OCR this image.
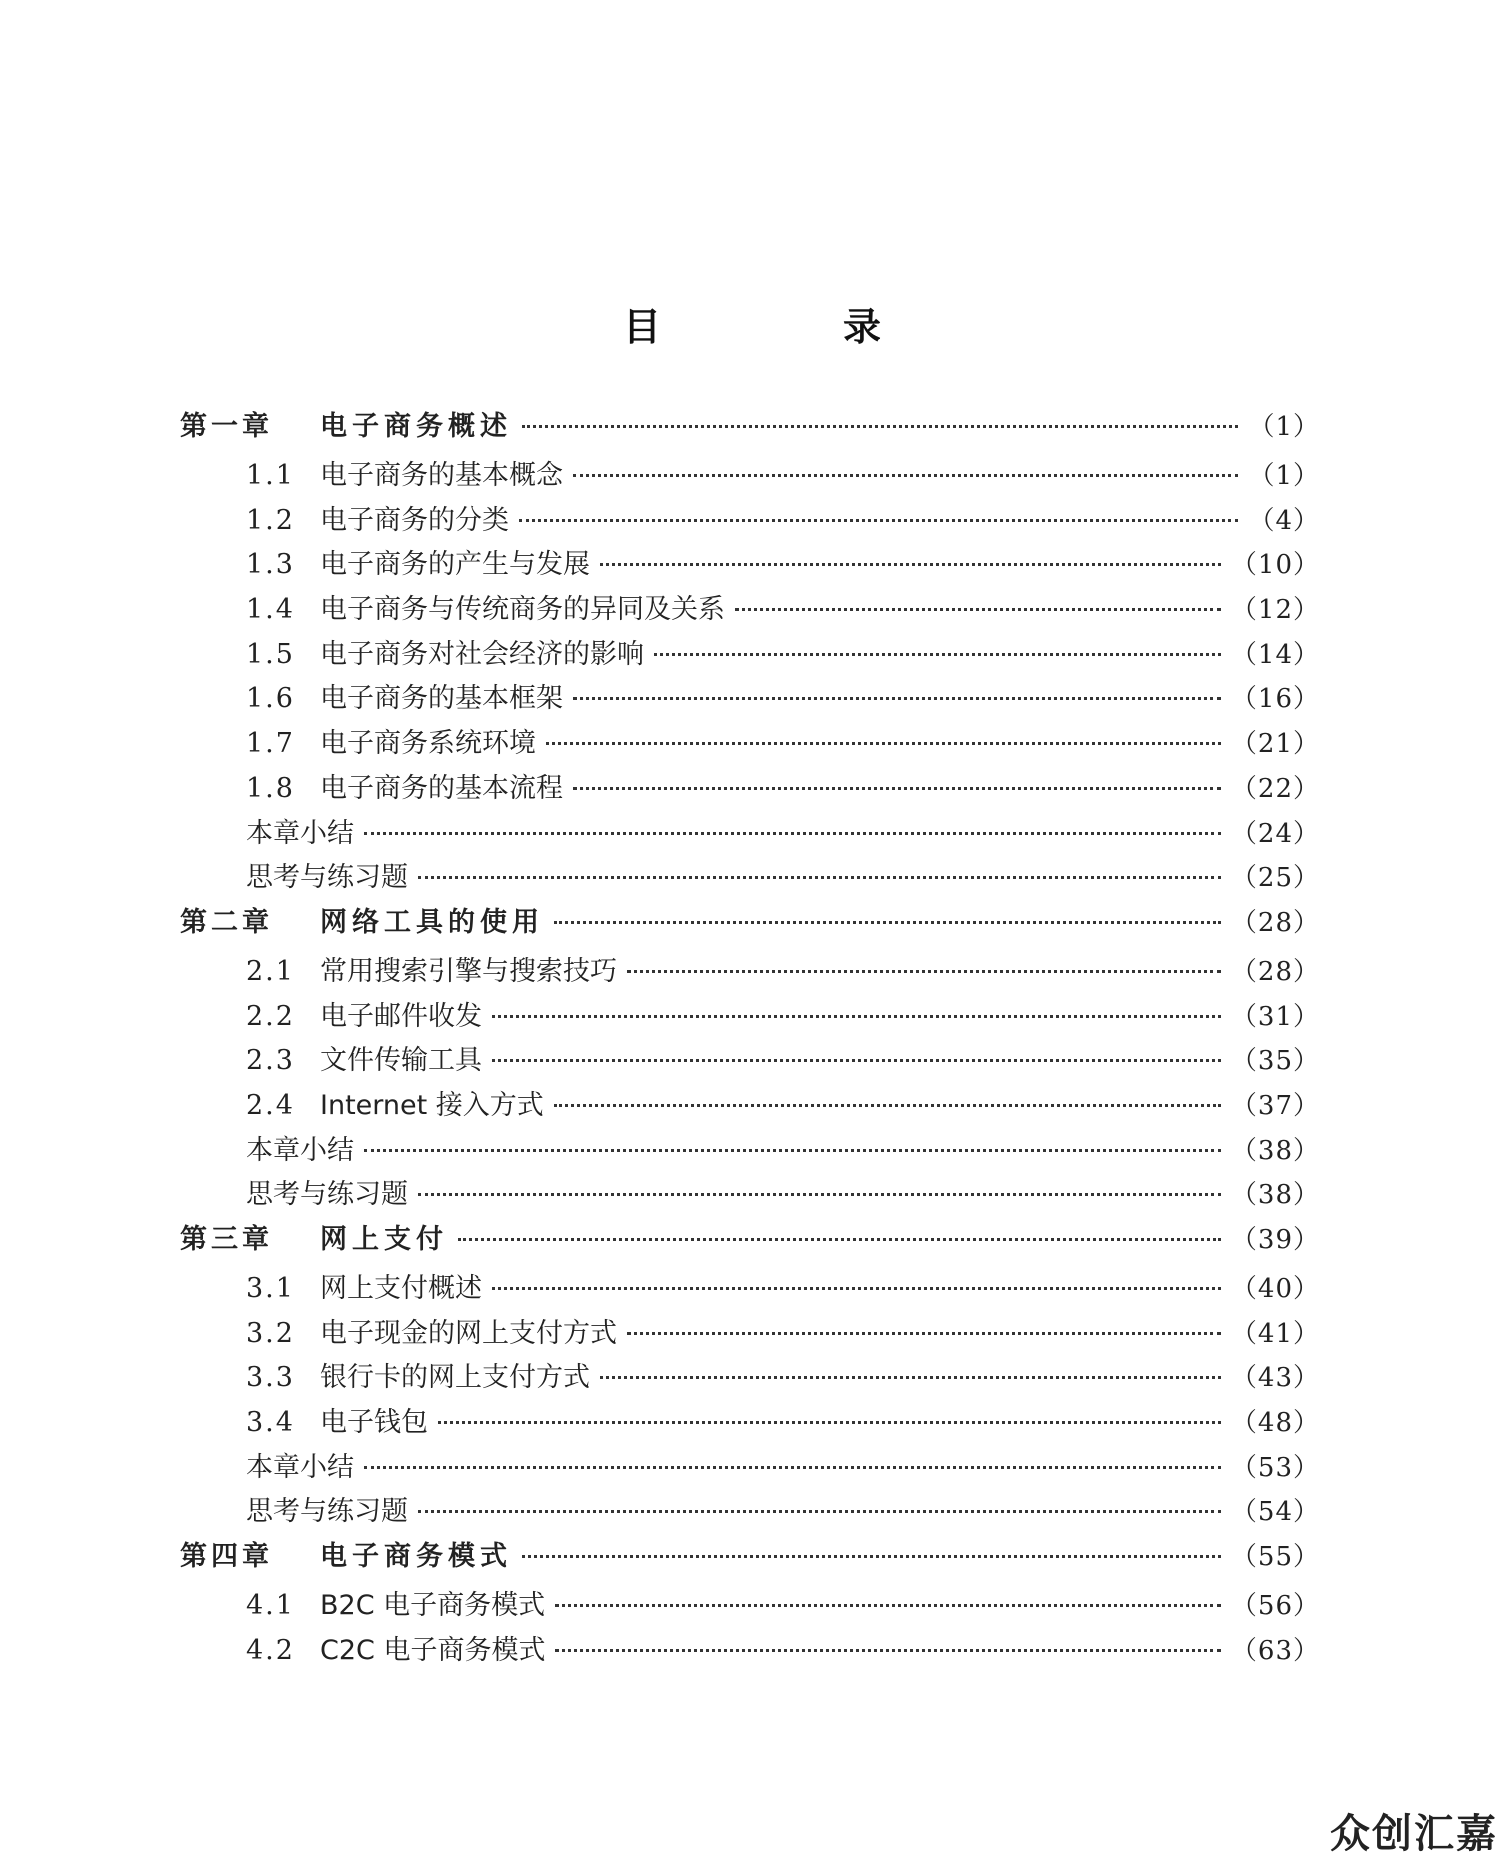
目　录
第一章	电子商务概述	（1）
1.1 电子商务的基本概念	（1）
1.2 电子商务的分类	（4）
1.3 电子商务的产生与发展	（10）
1.4 电子商务与传统商务的异同及关系	（12）
1.5 电子商务对社会经济的影响	（14）
1.6 电子商务的基本框架	（16）
1.7 电子商务系统环境	（21）
1.8 电子商务的基本流程	（22）
本章小结	（24）
思考与练习题	（25）
第二章	网络工具的使用	（28）
2.1 常用搜索引擎与搜索技巧	（28）
2.2 电子邮件收发	（31）
2.3 文件传输工具	（35）
2.4 Internet 接入方式	（37）
本章小结	（38）
思考与练习题	（38）
第三章	网上支付	（39）
3.1 网上支付概述	（40）
3.2 电子现金的网上支付方式	（41）
3.3 银行卡的网上支付方式	（43）
3.4 电子钱包	（48）
本章小结	（53）
思考与练习题	（54）
第四章	电子商务模式	（55）
4.1 B2C 电子商务模式	（56）
4.2 C2C 电子商务模式	（63）
众创汇嘉
